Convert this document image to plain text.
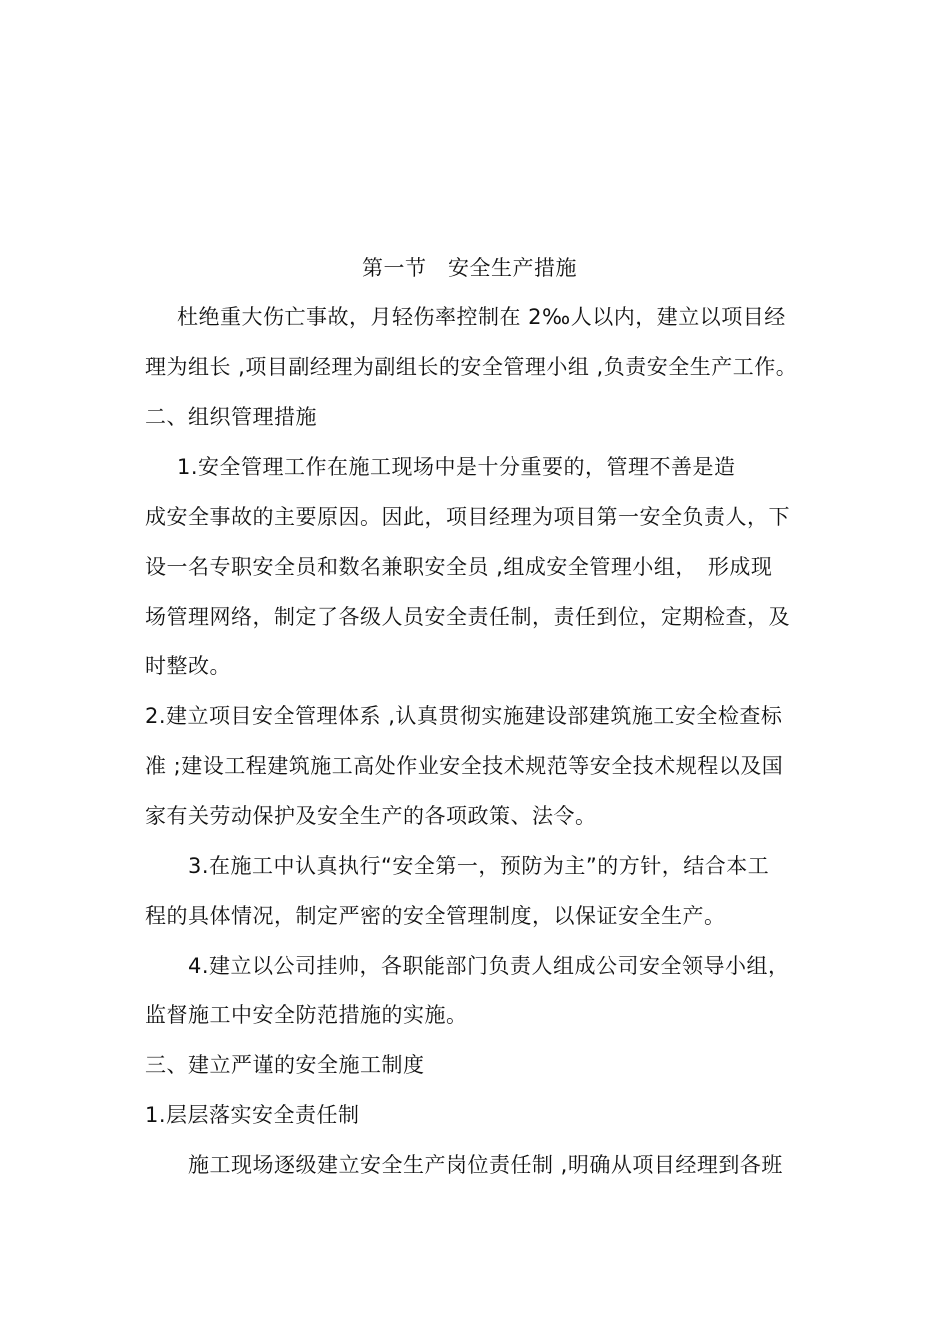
第一节　安全生产措施
杜绝重大伤亡事故，月轻伤率控制在 2‰人以内，建立以项目经
理为组长 ,项目副经理为副组长的安全管理小组 ,负责安全生产工作。
二、组织管理措施
1.安全管理工作在施工现场中是十分重要的，管理不善是造
成安全事故的主要原因。因此，项目经理为项目第一安全负责人，下
设一名专职安全员和数名兼职安全员 ,组成安全管理小组，　形成现
场管理网络，制定了各级人员安全责任制，责任到位，定期检查，及
时整改。
2.建立项目安全管理体系 ,认真贯彻实施建设部建筑施工安全检查标
准 ;建设工程建筑施工高处作业安全技术规范等安全技术规程以及国
家有关劳动保护及安全生产的各项政策、法令。
3.在施工中认真执行“安全第一，预防为主”的方针，结合本工
程的具体情况，制定严密的安全管理制度，以保证安全生产。
4.建立以公司挂帅，各职能部门负责人组成公司安全领导小组，
监督施工中安全防范措施的实施。
三、建立严谨的安全施工制度
1.层层落实安全责任制
施工现场逐级建立安全生产岗位责任制 ,明确从项目经理到各班
